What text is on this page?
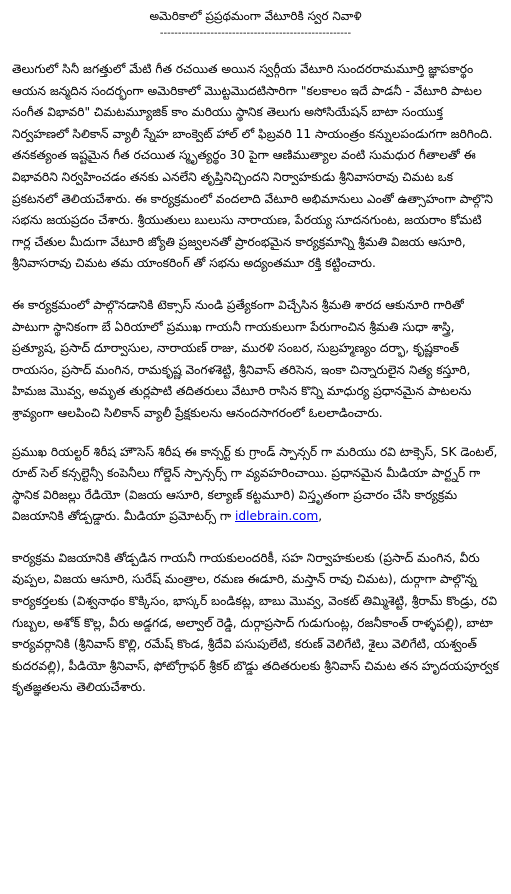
అమెరికాలో ప్రప్రథమంగా వేటూరికి స్వర నివాళి
-----------------------------------------------------

తెలుగులో సినీ జగత్తులో మేటి గీత రచయిత అయిన స్వర్గీయ వేటూరి సుందరరామమూర్తి జ్ఞాపకార్థం ఆయన జన్మదిన సందర్భంగా అమెరికాలో మొట్టమొదటిసారిగా "కలకాలం ఇదే పాడనీ - వేటూరి పాటల సంగీత విభావరి" చిమటమ్యూజిక్ కాం మరియు స్థానిక తెలుగు అసోసియేషన్ బాటా సంయుక్త నిర్వహణలో సిలికాన్ వ్యాలీ స్నేహ బాంక్వెట్ హాల్ లో ఫిబ్రవరి 11 సాయంత్రం కన్నులపండుగగా జరిగింది. తనకత్యంత ఇష్టమైన గీత రచయిత స్మృత్యర్థం 30 పైగా ఆణిముత్యాల వంటి సుమధుర గీతాలతో ఈ విభావరిని నిర్వహించడం తనకు ఎనలేని తృప్తినిచ్చిందని నిర్వాహకుడు శ్రీనివాసరావు చిమట ఒక ప్రకటనలో తెలియచేశారు. ఈ కార్యక్రమంలో వందలాది వేటూరి అభిమానులు ఎంతో ఉత్సాహంగా పాల్గొని సభను జయప్రదం చేశారు. శ్రీయుతులు బులుసు నారాయణ, పేరయ్య సూదనగుంట, జయరాం కోమటి గార్ల చేతుల మీదుగా వేటూరి జ్యోతి ప్రజ్వలనతో ప్రారంభమైన కార్యక్రమాన్ని శ్రీమతి విజయ ఆసూరి, శ్రీనివాసరావు చిమట తమ యాంకరింగ్ తో సభను అద్యంతమూ రక్తి కట్టించారు.

ఈ కార్యక్రమంలో పాల్గొనడానికి టెక్సాస్ నుండి ప్రత్యేకంగా విచ్చేసిన శ్రీమతి శారద ఆకునూరి గారితో పాటుగా స్థానికంగా బే ఏరియాలో ప్రముఖ గాయనీ గాయకులుగా పేరుగాంచిన శ్రీమతి సుధా శాస్త్రి, ప్రత్యూష, ప్రసాద్ దూర్వాసుల, నారాయణ్ రాజు, మురళి సంబర, సుబ్రహ్మణ్యం దర్భా, కృష్ణకాంత్ రాయసం, ప్రసాద్ మంగిన, రామకృష్ణ వెంగళశెట్టి, శ్రీనివాస్ తరిసెన, ఇంకా చిన్నారులైన నిత్య కస్తూరి, హిమజ మొవ్వ, అమృత తుర్లపాటి తదితరులు వేటూరి రాసిన కొన్ని మాధుర్య ప్రధానమైన పాటలను శ్రావ్యంగా ఆలపించి సిలికాన్ వ్యాలీ ప్రేక్షకులను ఆనందసాగరంలో ఓలలాడించారు.

ప్రముఖ రియల్టర్ శిరీష హౌసెస్ శిరీష ఈ కాన్సర్ట్ కు గ్రాండ్ స్పాన్సర్ గా మరియు రవి టాక్సెస్, SK డెంటల్, రూట్ సెల్ కన్సల్టెన్సీ కంపెనీలు గోల్డెన్ స్పాన్సర్స్ గా వ్యవహరించాయి. ప్రధానమైన మీడియా పార్ట్నర్ గా స్థానిక విరిజల్లు రేడియో (విజయ ఆసూరి, కల్యాణ్ కట్టమూరి) విస్తృతంగా ప్రచారం చేసి కార్యక్రమ విజయానికి తోడ్పడ్డారు. మీడియా ప్రమోటర్స్ గా idlebrain.com,

కార్యక్రమ విజయానికి తోడ్పడిన గాయనీ గాయకులందరికీ, సహ నిర్వాహకులకు (ప్రసాద్ మంగిన, వీరు వుప్పల, విజయ ఆసూరి, సురేష్ మంత్రాల, రమణ ఈడూరి, మస్తాన్ రావు చిమట), దుర్గాగా పాల్గొన్న కార్యకర్తలకు (విశ్వనాథం కొక్కిసం, భాస్కర్ బండికట్ల, బాబు మొవ్వ, వెంకట్ తిమ్మిశెట్టి, శ్రీరామ్ కొండ్రు, రవి గుబ్బల, అశోక్ కొల్ల, వీరు అడ్డగడ, అల్వాల్ రెడ్డి, దుర్గాప్రసాద్ గుడుగుంట్ల, రజనీకాంత్ రాళ్ళపల్లి), బాటా కార్యవర్గానికి (శ్రీనివాస్ కొల్లి, రమేష్ కొండ, శ్రీదేవి పసుపులేటి, కరుణ్ వెలిగేటి, శైలు వెలిగేటి, యశ్వంత్ కుదరవల్లి), పీడియో శ్రీనివాస్, ఫోటోగ్రాఫర్ శ్రీకర్ బొడ్డు తదితరులకు శ్రీనివాస్ చిమట తన హృదయపూర్వక కృతజ్ఞతలను తెలియచేశారు.
